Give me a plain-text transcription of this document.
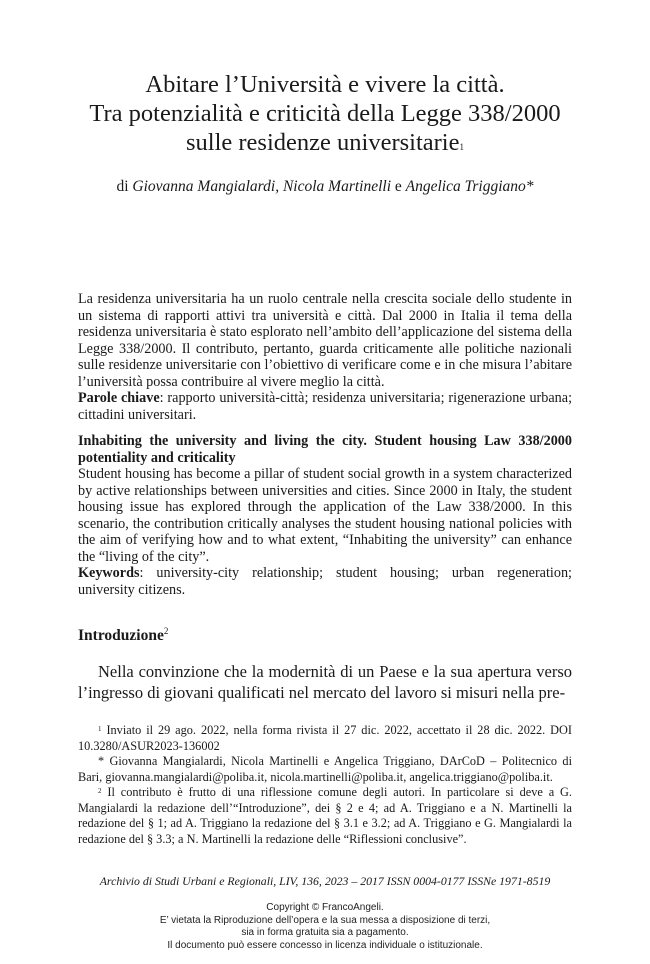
Abitare l’Università e vivere la città.
Tra potenzialità e criticità della Legge 338/2000
sulle residenze universitarie$^1$
di Giovanna Mangialardi, Nicola Martinelli e Angelica Triggiano*

La residenza universitaria ha un ruolo centrale nella crescita sociale dello studente in un sistema di rapporti attivi tra università e città. Dal 2000 in Italia il tema della residenza universitaria è stato esplorato nell’ambito dell’applicazione del sistema della Legge 338/2000. Il contributo, pertanto, guarda criticamente alle politiche nazionali sulle residenze universitarie con l’obiettivo di verificare come e in che misura l’abitare l’università possa contribuire al vivere meglio la città.

Parole chiave: rapporto università-città; residenza universitaria; rigenerazione urbana; cittadini universitari.

Inhabiting the university and living the city. Student housing Law 338/2000 potentiality and criticality

Student housing has become a pillar of student social growth in a system characterized by active relationships between universities and cities. Since 2000 in Italy, the student housing issue has explored through the application of the Law 338/2000. In this scenario, the contribution critically analyses the student housing national policies with the aim of verifying how and to what extent, “Inhabiting the university” can enhance the “living of the city”.

Keywords: university-city relationship; student housing; urban regeneration; university citizens.

Introduzione$^2$

Nella convinzione che la modernità di un Paese e la sua apertura verso l’ingresso di giovani qualificati nel mercato del lavoro si misuri nella pre-

$^1$ Inviato il 29 ago. 2022, nella forma rivista il 27 dic. 2022, accettato il 28 dic. 2022. DOI 10.3280/ASUR2023-136002

* Giovanna Mangialardi, Nicola Martinelli e Angelica Triggiano, DArCoD – Politecnico di Bari, giovanna.mangialardi@poliba.it, nicola.martinelli@poliba.it, angelica.triggiano@poliba.it.

$^2$ Il contributo è frutto di una riflessione comune degli autori. In particolare si deve a G. Mangialardi la redazione dell’“Introduzione”, dei § 2 e 4; ad A. Triggiano e a N. Martinelli la redazione del § 1; ad A. Triggiano la redazione del § 3.1 e 3.2; ad A. Triggiano e G. Mangialardi la redazione del § 3.3; a N. Martinelli la redazione delle “Riflessioni conclusive”.

Archivio di Studi Urbani e Regionali, LIV, 136, 2023 – 2017 ISSN 0004-0177 ISSNe 1971-8519
Copyright © FrancoAngeli.
E’ vietata la Riproduzione dell’opera e la sua messa a disposizione di terzi,
sia in forma gratuita sia a pagamento.
Il documento può essere concesso in licenza individuale o istituzionale.
